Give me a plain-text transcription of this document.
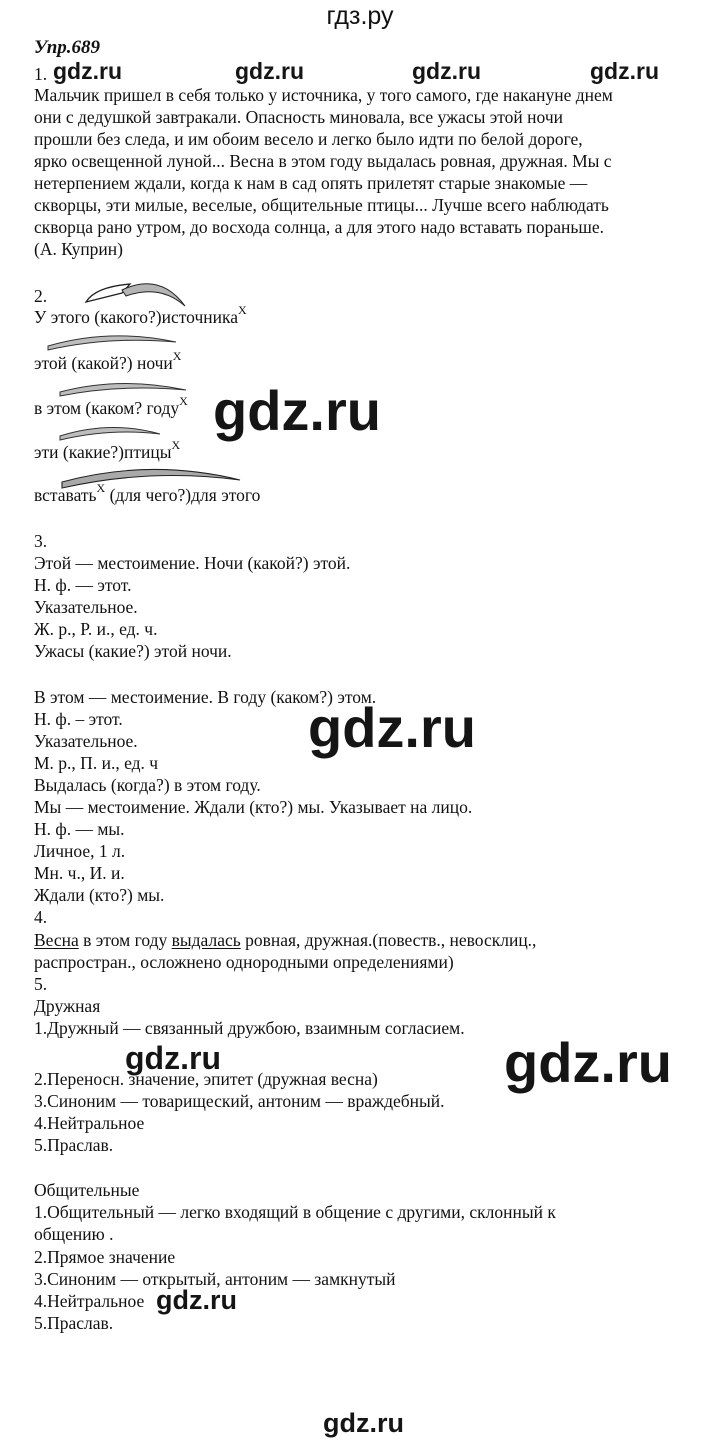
гдз.ру
Упр.689
1. gdz.ru	gdz.ru	gdz.ru	gdz.ru
Мальчик пришел в себя только у источника, у того самого, где накануне днем
они с дедушкой завтракали. Опасность миновала, все ужасы этой ночи
прошли без следа, и им обоим весело и легко было идти по белой дороге,
ярко освещенной луной... Весна в этом году выдалась ровная, дружная. Мы с
нетерпением ждали, когда к нам в сад опять прилетят старые знакомые —
скворцы, эти милые, веселые, общительные птицы... Лучше всего наблюдать
скворца рано утром, до восхода солнца, а для этого надо вставать пораньше.
(А. Куприн)
2.
У этого (какого?)источника$^X$
этой (какой?) ночи$^X$
в этом (каком? году$^X$
эти (какие?)птицы$^X$
вставать$^X$ (для чего?)для этого
gdz.ru
3.
Этой — местоимение. Ночи (какой?) этой.
Н. ф. — этот.
Указательное.
Ж. р., Р. и., ед. ч.
Ужасы (какие?) этой ночи.
В этом — местоимение. В году (каком?) этом.
Н. ф. – этот.
Указательное.
М. р., П. и., ед. ч
Выдалась (когда?) в этом году.
Мы — местоимение. Ждали (кто?) мы. Указывает на лицо.
Н. ф. — мы.
Личное, 1 л.
Мн. ч., И. и.
Ждали (кто?) мы.
gdz.ru
4.
Весна в этом году выдалась ровная, дружная.(повеств., невосклиц.,
распростран., осложнено однородными определениями)
5.
Дружная
1.Дружный — связанный дружбою, взаимным согласием.
gdz.ru	gdz.ru
2.Переносн. значение, эпитет (дружная весна)
3.Синоним — товарищеский, антоним — враждебный.
4.Нейтральное
5.Праслав.
Общительные
1.Общительный — легко входящий в общение с другими, склонный к
общению .
2.Прямое значение
3.Синоним — открытый, антоним — замкнутый
4.Нейтральное gdz.ru
5.Праслав.
gdz.ru
